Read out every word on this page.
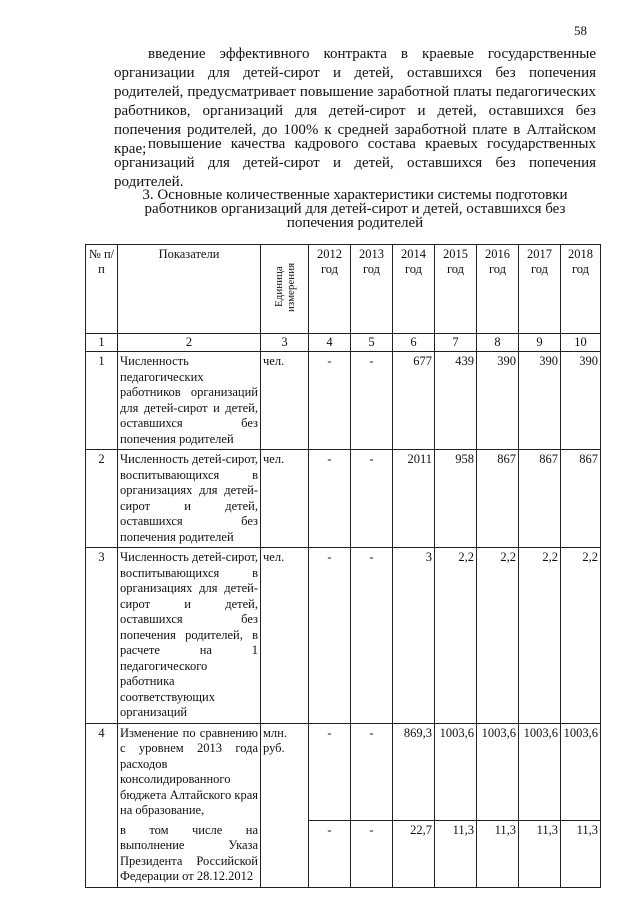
58

введение эффективного контракта в краевые государственные организации для детей-сирот и детей, оставшихся без попечения родителей, предусматривает повышение заработной платы педагогических работников, организаций для детей-сирот и детей, оставшихся без попечения родителей, до 100% к средней заработной плате в Алтайском крае; повышение качества кадрового состава краевых государственных организаций для детей-сирот и детей, оставшихся без попечения родителей.

3. Основные количественные характеристики системы подготовки работников организаций для детей-сирот и детей, оставшихся без попечения родителей
№ п/п	Показатели	Единица измерения	2012 год	2013 год	2014 год	2015 год	2016 год	2017 год	2018 год
1	2	3	4	5	6	7	8	9	10
1	Численность педагогических работников организаций для детей-сирот и детей, оставшихся без попечения родителей	чел.	-	-	677	439	390	390	390
2	Численность детей-сирот, воспитывающихся в организациях для детей-сирот и детей, оставшихся без попечения родителей	чел.	-	-	2011	958	867	867	867
3	Численность детей-сирот, воспитывающихся в организациях для детей-сирот и детей, оставшихся без попечения родителей, в расчете на 1 педагогического работника соответствующих организаций	чел.	-	-	3	2,2	2,2	2,2	2,2
4	Изменение по сравнению с уровнем 2013 года расходов консолидированного бюджета Алтайского края на образование,	млн. руб.	-	-	869,3	1003,6	1003,6	1003,6	1003,6
	в том числе на выполнение Указа Президента Российской Федерации от 28.12.2012		-	-	22,7	11,3	11,3	11,3	11,3
